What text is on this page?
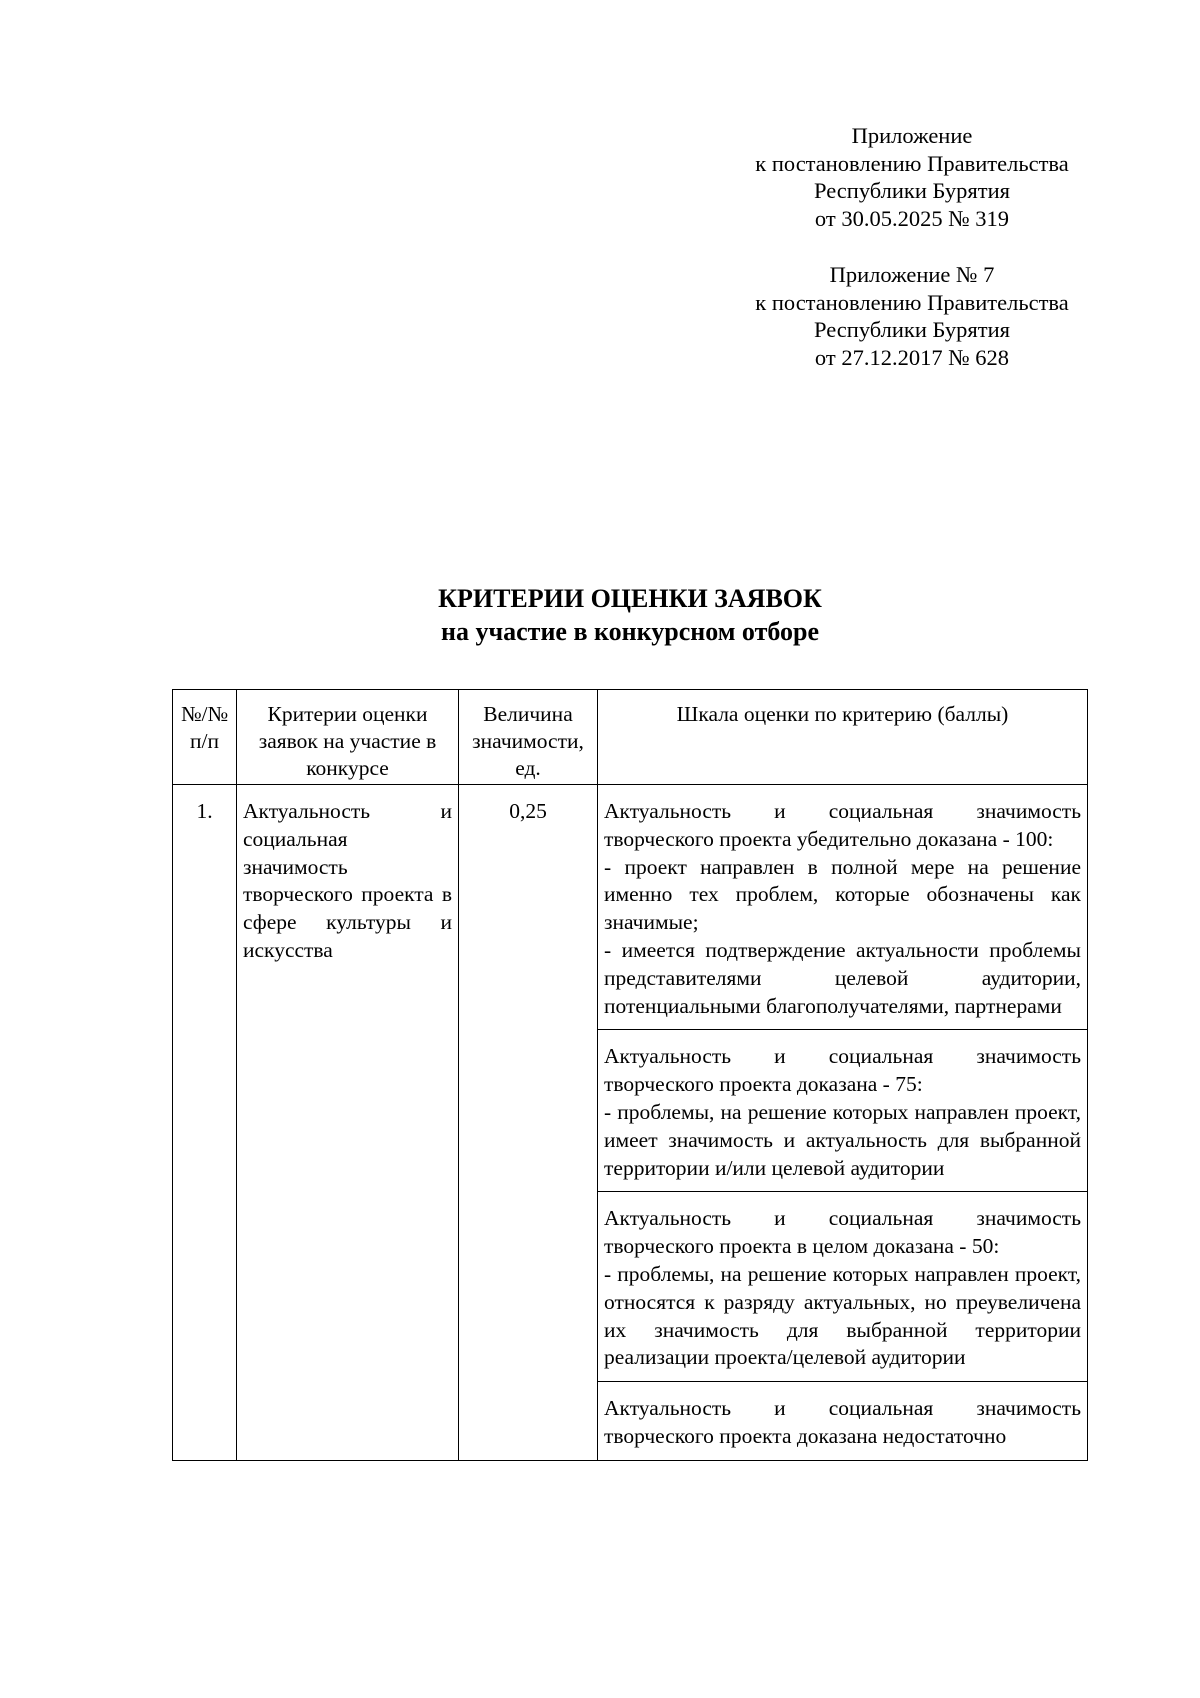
Приложение
к постановлению Правительства
Республики Бурятия
от 30.05.2025 № 319
Приложение № 7
к постановлению Правительства
Республики Бурятия
от 27.12.2017 № 628
КРИТЕРИИ ОЦЕНКИ ЗАЯВОК
на участие в конкурсном отборе
№/№ п/п	Критерии оценки заявок на участие в конкурсе	Величина значимости, ед.	Шкала оценки по критерию (баллы)
1.	Актуальность и социальная значимость творческого проекта в сфере культуры и искусства	0,25	Актуальность и социальная значимость творческого проекта убедительно доказана - 100:
- проект направлен в полной мере на решение именно тех проблем, которые обозначены как значимые;
- имеется подтверждение актуальности проблемы представителями целевой аудитории, потенциальными благополучателями, партнерами

			Актуальность и социальная значимость творческого проекта доказана - 75:
- проблемы, на решение которых направлен проект, имеет значимость и актуальность для выбранной территории и/или целевой аудитории

			Актуальность и социальная значимость творческого проекта в целом доказана - 50:
- проблемы, на решение которых направлен проект, относятся к разряду актуальных, но преувеличена их значимость для выбранной территории реализации проекта/целевой аудитории

			Актуальность и социальная значимость творческого проекта доказана недостаточно
